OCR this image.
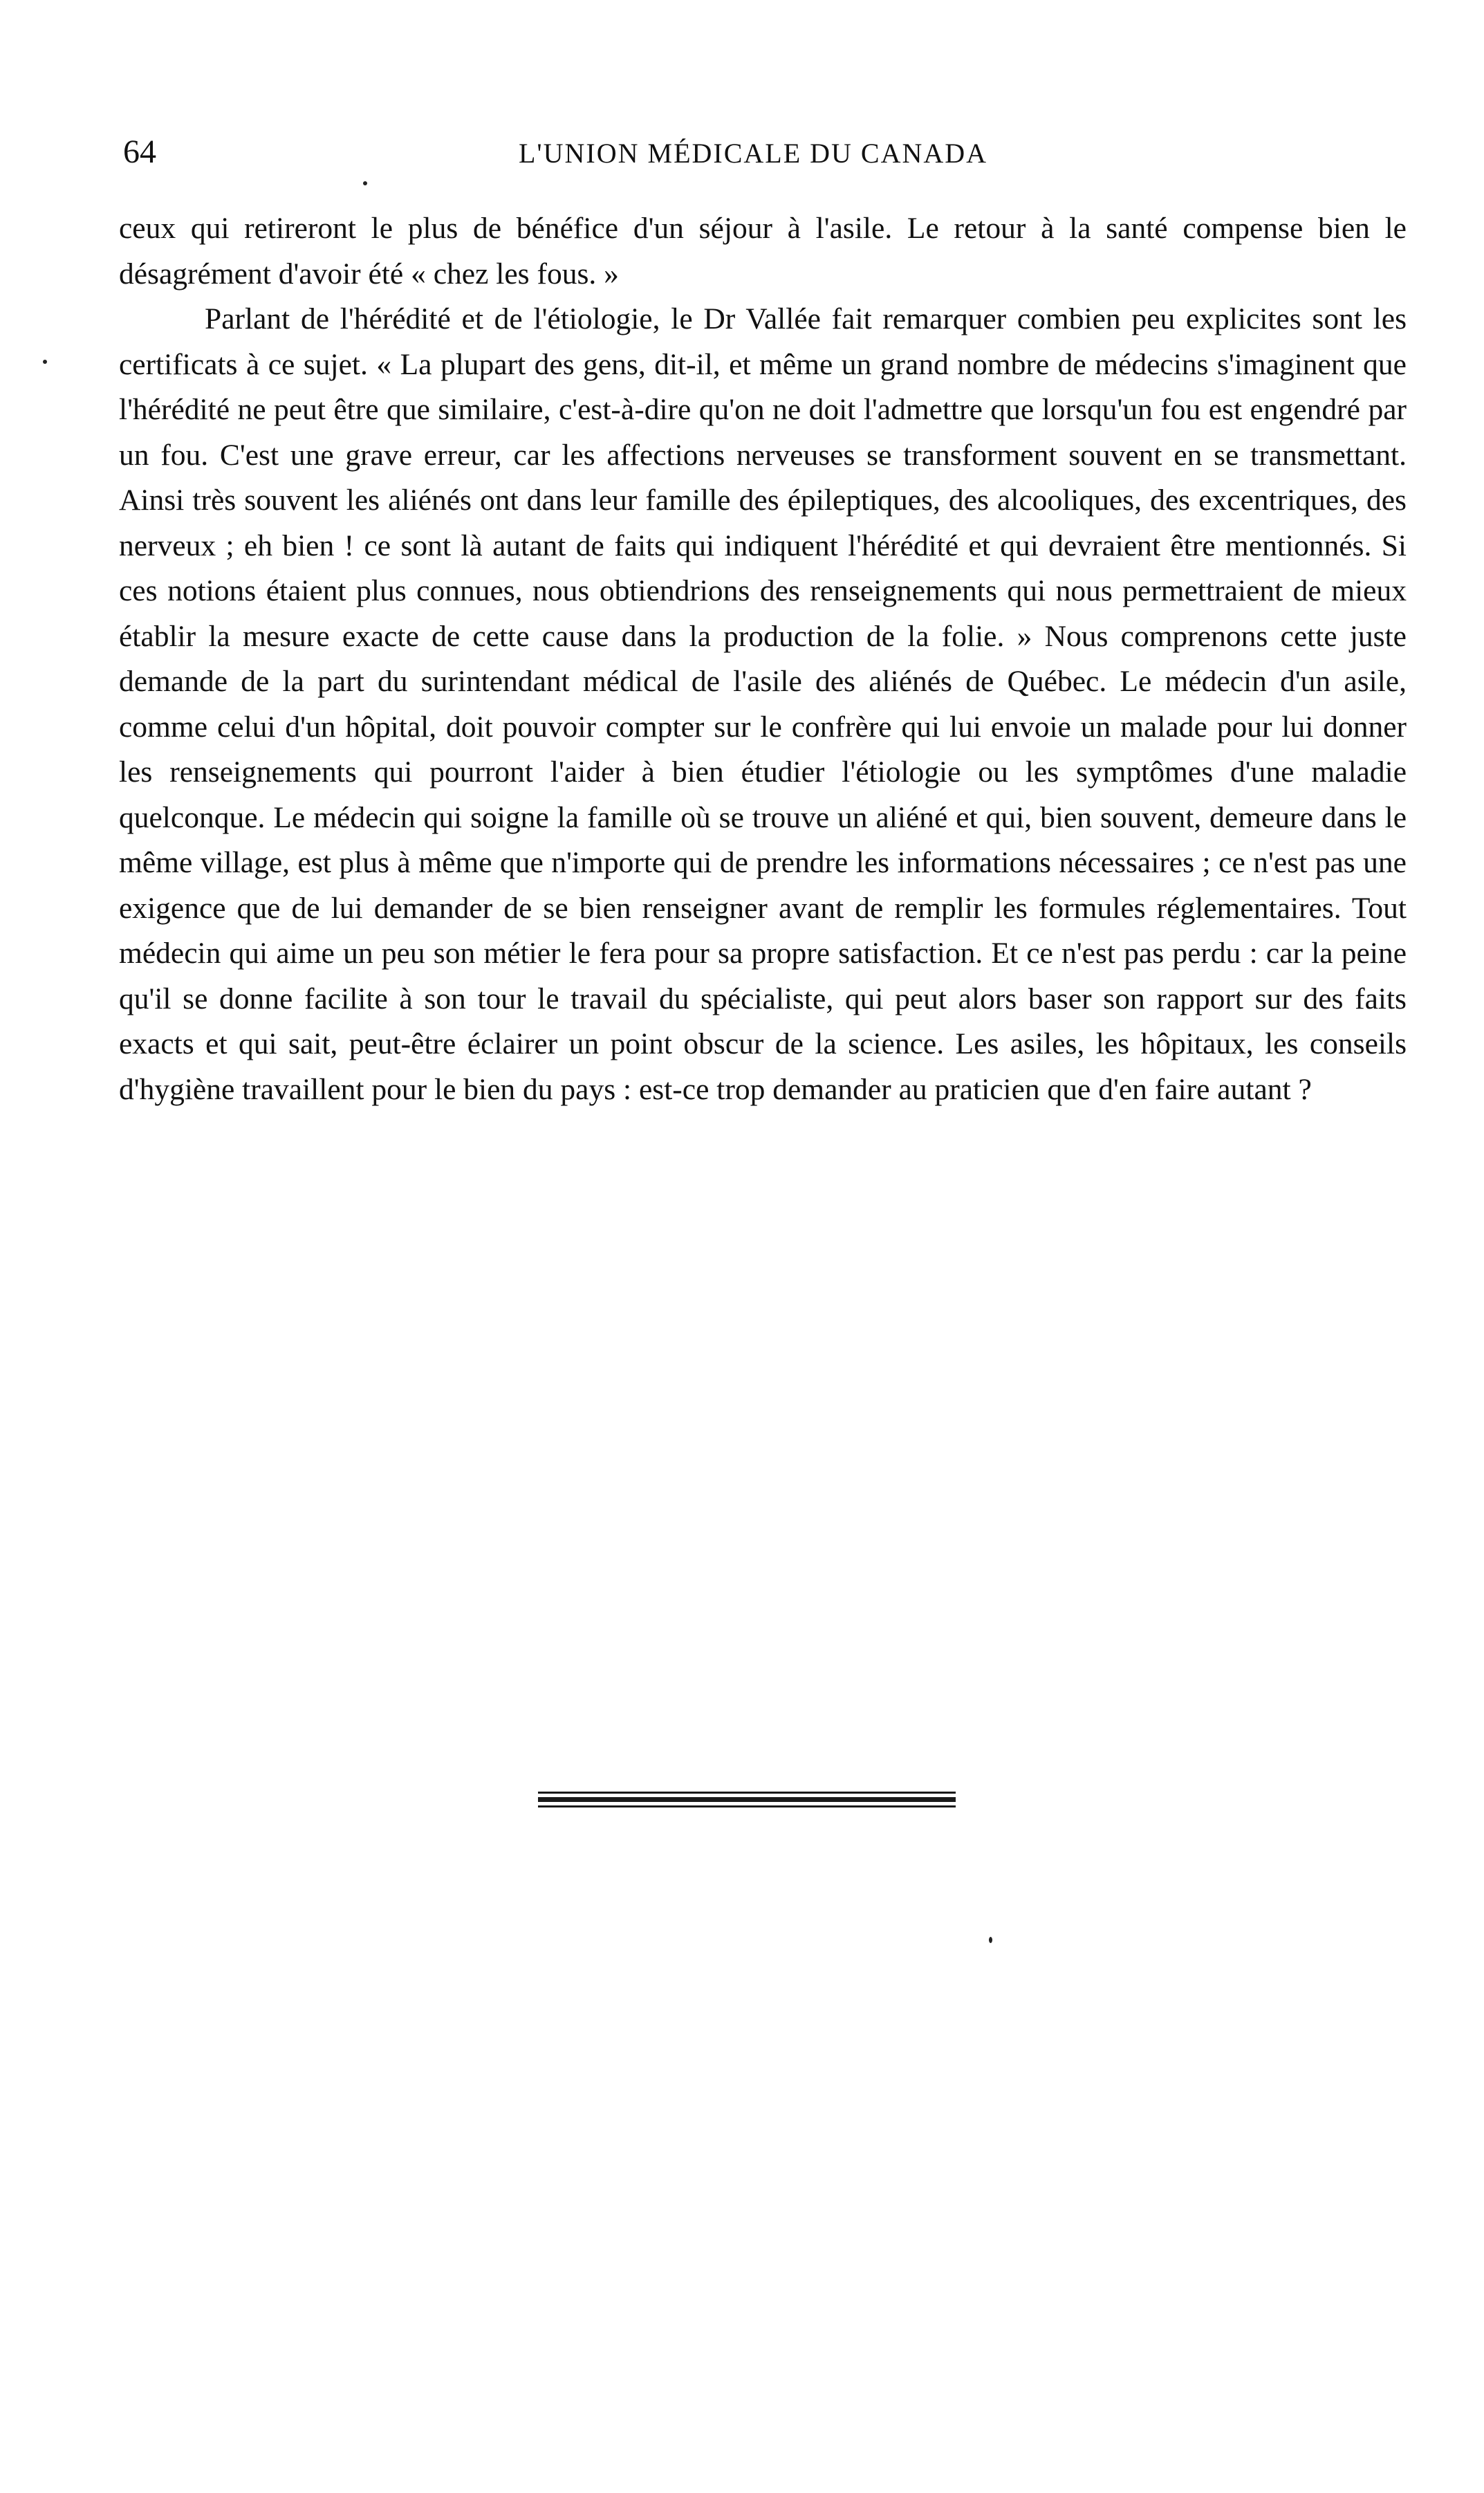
64	L'UNION MÉDICALE DU CANADA

ceux qui retireront le plus de bénéfice d'un séjour à l'asile. Le retour à la santé compense bien le désagrément d'avoir été « chez les fous. »

Parlant de l'hérédité et de l'étiologie, le Dr Vallée fait remarquer combien peu explicites sont les certificats à ce sujet. « La plupart des gens, dit-il, et même un grand nombre de médecins s'imaginent que l'hérédité ne peut être que similaire, c'est-à-dire qu'on ne doit l'admettre que lorsqu'un fou est engendré par un fou. C'est une grave erreur, car les affections nerveuses se transforment souvent en se transmettant. Ainsi très souvent les aliénés ont dans leur famille des épileptiques, des alcooliques, des excentriques, des nerveux ; eh bien ! ce sont là autant de faits qui indiquent l'hérédité et qui devraient être mentionnés. Si ces notions étaient plus connues, nous obtiendrions des renseignements qui nous permettraient de mieux établir la mesure exacte de cette cause dans la production de la folie. » Nous comprenons cette juste demande de la part du surintendant médical de l'asile des aliénés de Québec. Le médecin d'un asile, comme celui d'un hôpital, doit pouvoir compter sur le confrère qui lui envoie un malade pour lui donner les renseignements qui pourront l'aider à bien étudier l'étiologie ou les symptômes d'une maladie quelconque. Le médecin qui soigne la famille où se trouve un aliéné et qui, bien souvent, demeure dans le même village, est plus à même que n'importe qui de prendre les informations nécessaires ; ce n'est pas une exigence que de lui demander de se bien renseigner avant de remplir les formules réglementaires. Tout médecin qui aime un peu son métier le fera pour sa propre satisfaction. Et ce n'est pas perdu : car la peine qu'il se donne facilite à son tour le travail du spécialiste, qui peut alors baser son rapport sur des faits exacts et qui sait, peut-être éclairer un point obscur de la science. Les asiles, les hôpitaux, les conseils d'hygiène travaillent pour le bien du pays : est-ce trop demander au praticien que d'en faire autant ?
